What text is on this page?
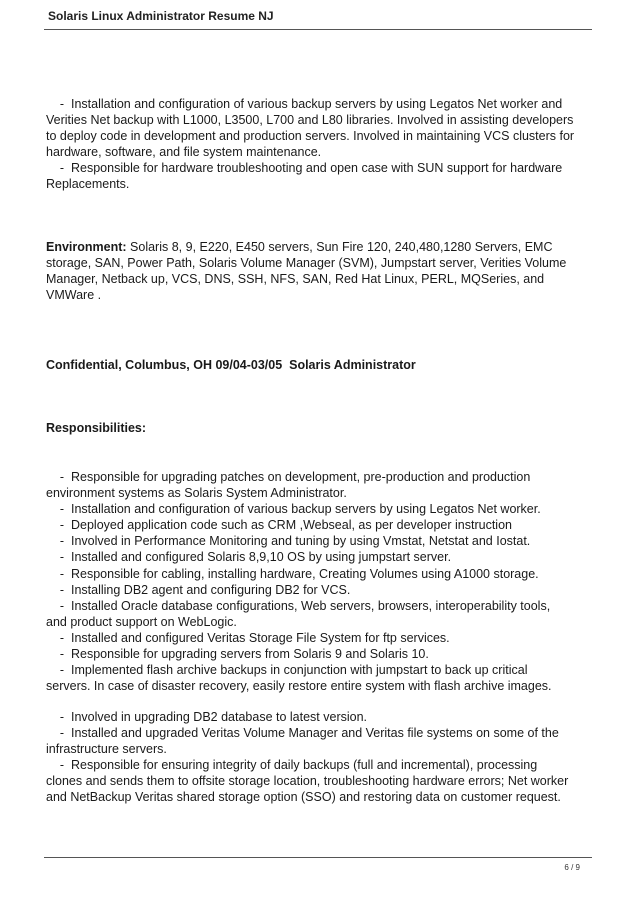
Solaris Linux Administrator Resume NJ
-  Installation and configuration of various backup servers by using Legatos Net worker and
Verities Net backup with L1000, L3500, L700 and L80 libraries. Involved in assisting developers
to deploy code in development and production servers. Involved in maintaining VCS clusters for
hardware, software, and file system maintenance.
-  Responsible for hardware troubleshooting and open case with SUN support for hardware
Replacements.
Environment: Solaris 8, 9, E220, E450 servers, Sun Fire 120, 240,480,1280 Servers, EMC
storage, SAN, Power Path, Solaris Volume Manager (SVM), Jumpstart server, Verities Volume
Manager, Netback up, VCS, DNS, SSH, NFS, SAN, Red Hat Linux, PERL, MQSeries, and
VMWare .
Confidential, Columbus, OH 09/04-03/05  Solaris Administrator
Responsibilities:
-  Responsible for upgrading patches on development, pre-production and production
environment systems as Solaris System Administrator.
-  Installation and configuration of various backup servers by using Legatos Net worker.
-  Deployed application code such as CRM ,Webseal, as per developer instruction
-  Involved in Performance Monitoring and tuning by using Vmstat, Netstat and Iostat.
-  Installed and configured Solaris 8,9,10 OS by using jumpstart server.
-  Responsible for cabling, installing hardware, Creating Volumes using A1000 storage.
-  Installing DB2 agent and configuring DB2 for VCS.
-  Installed Oracle database configurations, Web servers, browsers, interoperability tools,
and product support on WebLogic.
-  Installed and configured Veritas Storage File System for ftp services.
-  Responsible for upgrading servers from Solaris 9 and Solaris 10.
-  Implemented flash archive backups in conjunction with jumpstart to back up critical
servers. In case of disaster recovery, easily restore entire system with flash archive images.
-  Involved in upgrading DB2 database to latest version.
-  Installed and upgraded Veritas Volume Manager and Veritas file systems on some of the
infrastructure servers.
-  Responsible for ensuring integrity of daily backups (full and incremental), processing
clones and sends them to offsite storage location, troubleshooting hardware errors; Net worker
and NetBackup Veritas shared storage option (SSO) and restoring data on customer request.
6 / 9
